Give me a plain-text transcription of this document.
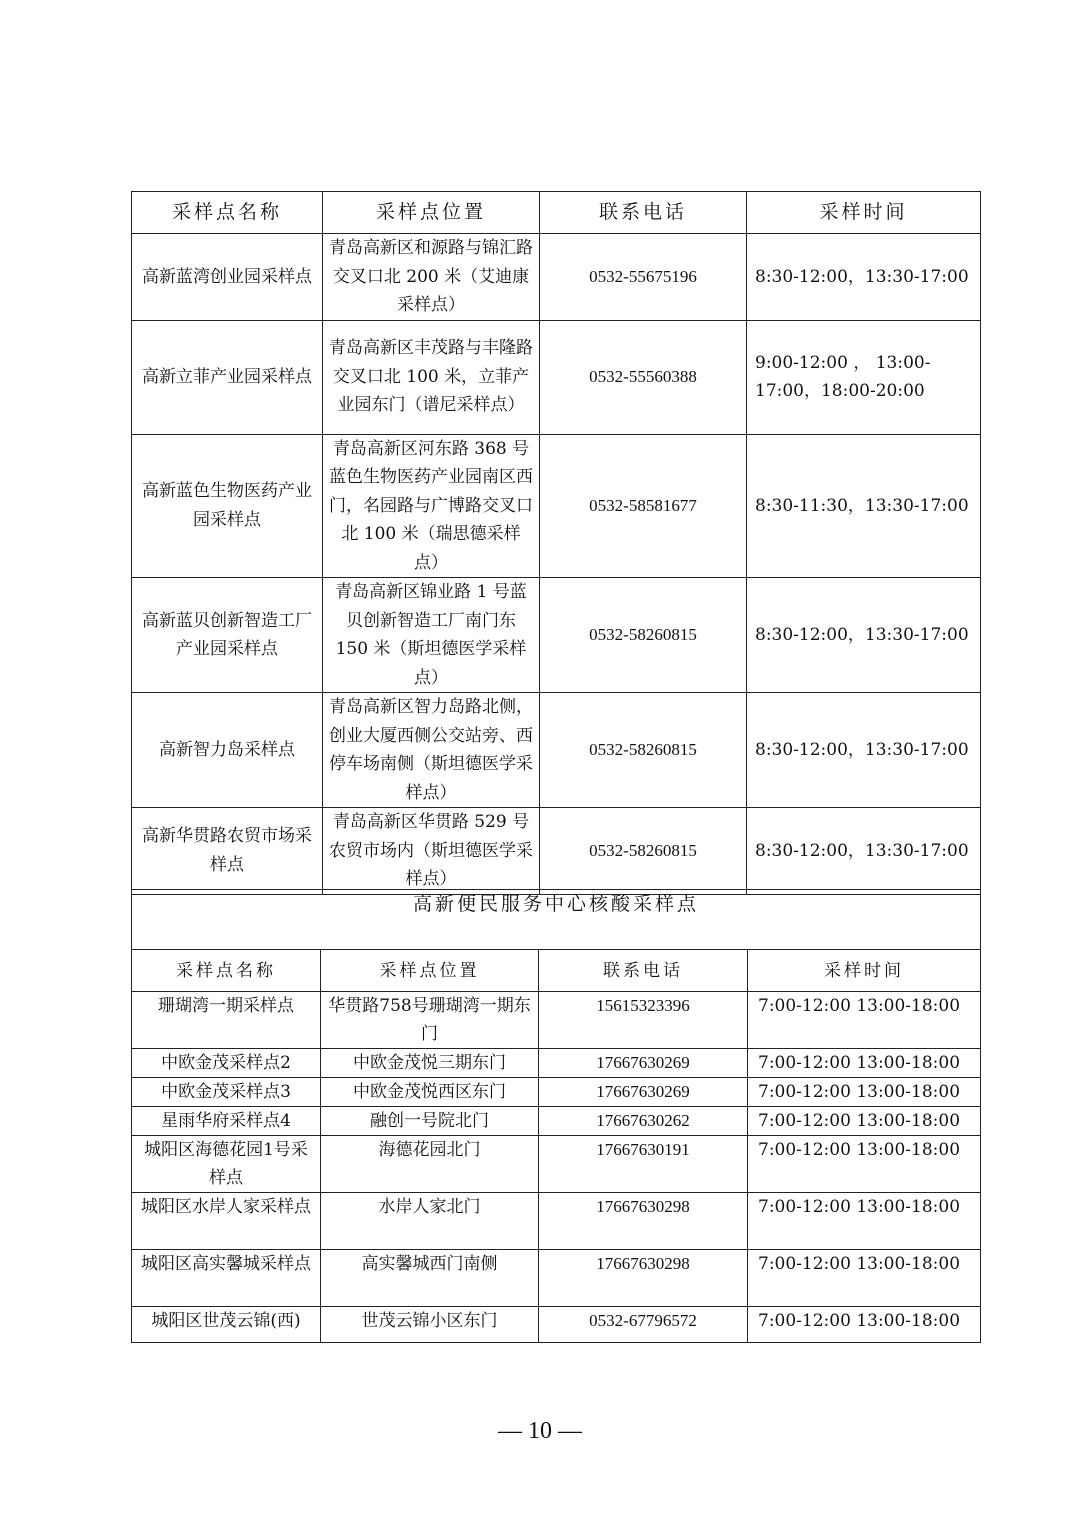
采样点名称	采样点位置	联系电话	采样时间
高新蓝湾创业园采样点	青岛高新区和源路与锦汇路交叉口北 200 米（艾迪康采样点）	0532-55675196	8:30-12:00，13:30-17:00
高新立菲产业园采样点	青岛高新区丰茂路与丰隆路交叉口北 100 米，立菲产业园东门（谱尼采样点）	0532-55560388	9:00-12:00 ， 13:00-17:00，18:00-20:00
高新蓝色生物医药产业园采样点	青岛高新区河东路 368 号蓝色生物医药产业园南区西门，名园路与广博路交叉口北 100 米（瑞思德采样点）	0532-58581677	8:30-11:30，13:30-17:00
高新蓝贝创新智造工厂产业园采样点	青岛高新区锦业路 1 号蓝贝创新智造工厂南门东 150 米（斯坦德医学采样点）	0532-58260815	8:30-12:00，13:30-17:00
高新智力岛采样点	青岛高新区智力岛路北侧，创业大厦西侧公交站旁、西停车场南侧（斯坦德医学采样点）	0532-58260815	8:30-12:00，13:30-17:00
高新华贯路农贸市场采样点	青岛高新区华贯路 529 号农贸市场内（斯坦德医学采样点）	0532-58260815	8:30-12:00，13:30-17:00
高新便民服务中心核酸采样点			
采样点名称	采样点位置	联系电话	采样时间
珊瑚湾一期采样点	华贯路758号珊瑚湾一期东门	15615323396	7:00-12:00 13:00-18:00
中欧金茂采样点2	中欧金茂悦三期东门	17667630269	7:00-12:00 13:00-18:00
中欧金茂采样点3	中欧金茂悦西区东门	17667630269	7:00-12:00 13:00-18:00
星雨华府采样点4	融创一号院北门	17667630262	7:00-12:00 13:00-18:00
城阳区海德花园1号采样点	海德花园北门	17667630191	7:00-12:00 13:00-18:00
城阳区水岸人家采样点	水岸人家北门	17667630298	7:00-12:00 13:00-18:00
城阳区高实馨城采样点	高实馨城西门南侧	17667630298	7:00-12:00 13:00-18:00
城阳区世茂云锦(西)	世茂云锦小区东门	0532-67796572	7:00-12:00 13:00-18:00
— 10 —
